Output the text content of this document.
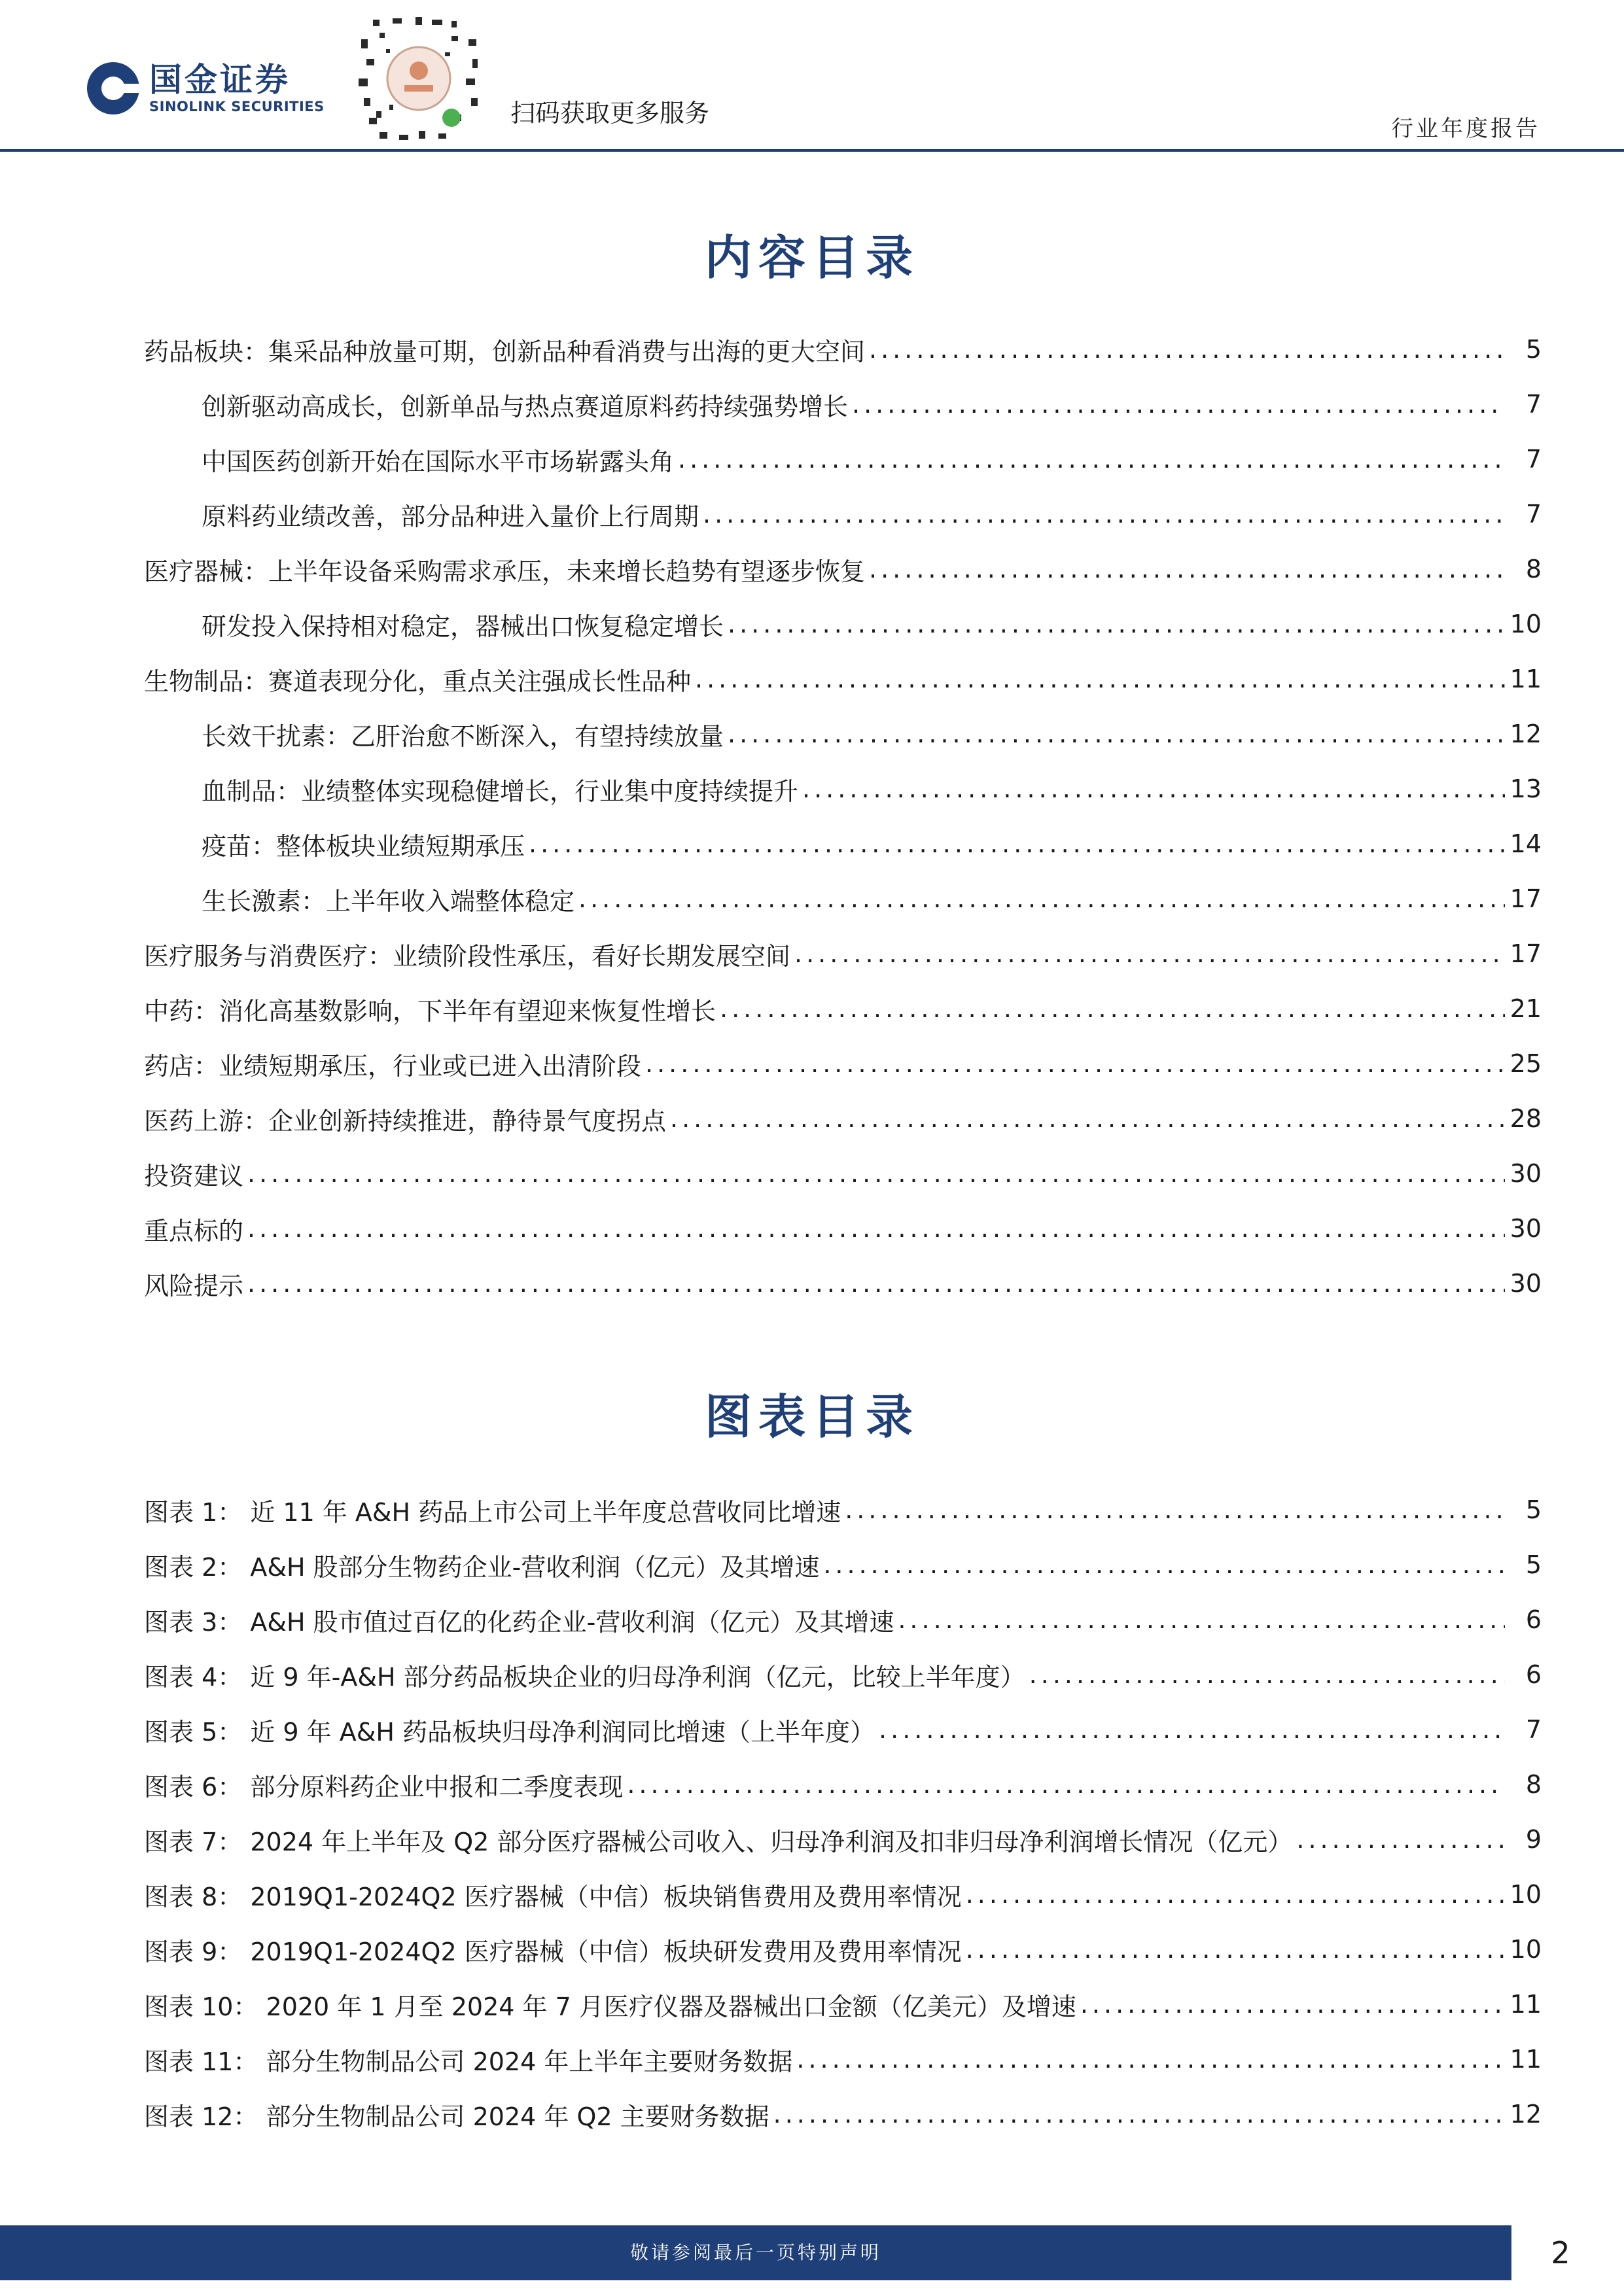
国金证券
SINOLINK SECURITIES	扫码获取更多服务
行业年度报告
内容目录
药品板块：集采品种放量可期，创新品种看消费与出海的更大空间 .....	5
创新驱动高成长，创新单品与热点赛道原料药持续强势增长 .....	7
中国医药创新开始在国际水平市场崭露头角 .....	7
原料药业绩改善，部分品种进入量价上行周期 .....	7
医疗器械：上半年设备采购需求承压，未来增长趋势有望逐步恢复 .....	8
研发投入保持相对稳定，器械出口恢复稳定增长 .....	10
生物制品：赛道表现分化，重点关注强成长性品种 .....	11
长效干扰素：乙肝治愈不断深入，有望持续放量 .....	12
血制品：业绩整体实现稳健增长，行业集中度持续提升 .....	13
疫苗：整体板块业绩短期承压 .....	14
生长激素：上半年收入端整体稳定 .....	17
医疗服务与消费医疗：业绩阶段性承压，看好长期发展空间 .....	17
中药：消化高基数影响，下半年有望迎来恢复性增长 .....	21
药店：业绩短期承压，行业或已进入出清阶段 .....	25
医药上游：企业创新持续推进，静待景气度拐点 .....	28
投资建议 .....	30
重点标的 .....	30
风险提示 .....	30
图表目录
图表 1： 近 11 年 A&H 药品上市公司上半年度总营收同比增速 .....	5
图表 2： A&H 股部分生物药企业-营收利润（亿元）及其增速 .....	5
图表 3： A&H 股市值过百亿的化药企业-营收利润（亿元）及其增速 .....	6
图表 4： 近 9 年-A&H 部分药品板块企业的归母净利润（亿元，比较上半年度） .....	6
图表 5： 近 9 年 A&H 药品板块归母净利润同比增速（上半年度） .....	7
图表 6： 部分原料药企业中报和二季度表现 .....	8
图表 7： 2024 年上半年及 Q2 部分医疗器械公司收入、归母净利润及扣非归母净利润增长情况（亿元） .....	9
图表 8： 2019Q1-2024Q2 医疗器械（中信）板块销售费用及费用率情况 .....	10
图表 9： 2019Q1-2024Q2 医疗器械（中信）板块研发费用及费用率情况 .....	10
图表 10： 2020 年 1 月至 2024 年 7 月医疗仪器及器械出口金额（亿美元）及增速 .....	11
图表 11： 部分生物制品公司 2024 年上半年主要财务数据 .....	11
图表 12： 部分生物制品公司 2024 年 Q2 主要财务数据 .....	12
敬请参阅最后一页特别声明	2
